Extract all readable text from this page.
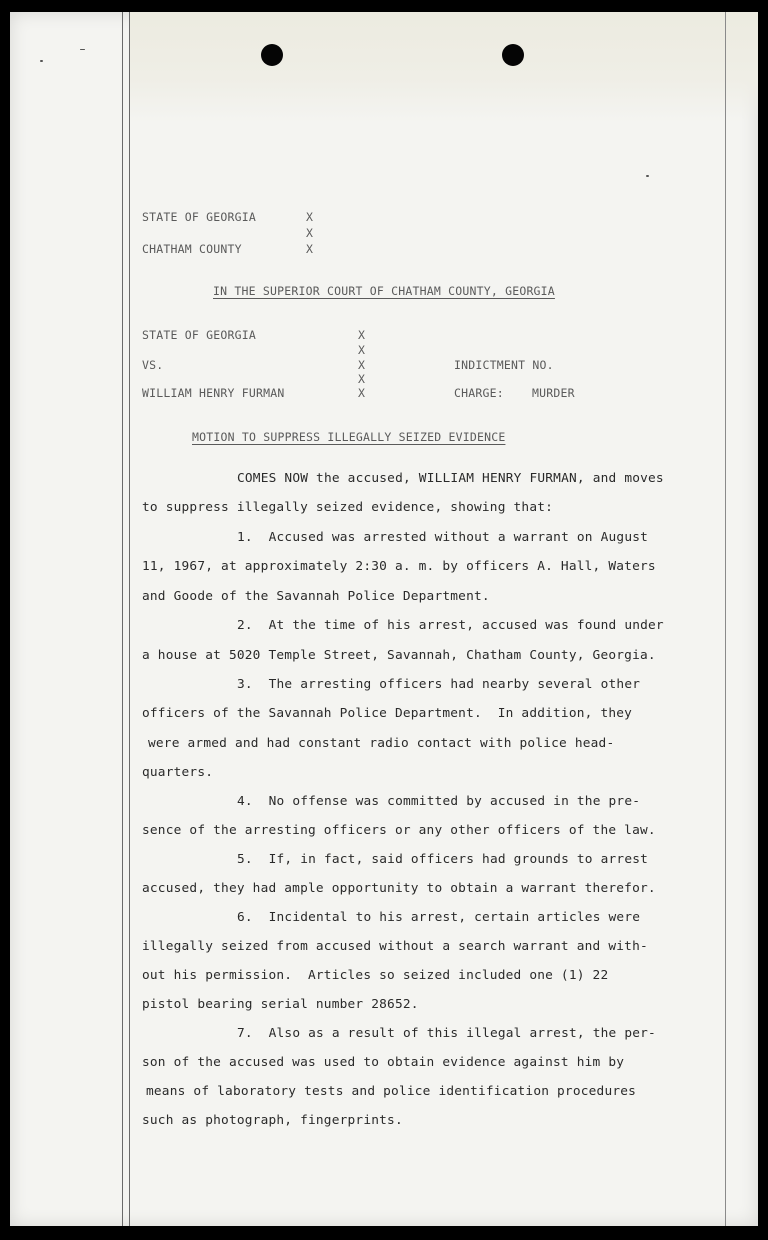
STATE OF GEORGIA
CHATHAM COUNTY
X
X
X
IN THE SUPERIOR COURT OF CHATHAM COUNTY, GEORGIA
STATE OF GEORGIA
VS.
WILLIAM HENRY FURMAN
X
X
X
X
X
INDICTMENT NO.
CHARGE: MURDER
MOTION TO SUPPRESS ILLEGALLY SEIZED EVIDENCE
COMES NOW the accused, WILLIAM HENRY FURMAN, and moves
to suppress illegally seized evidence, showing that:
1.  Accused was arrested without a warrant on August
11, 1967, at approximately 2:30 a. m. by officers A. Hall, Waters
and Goode of the Savannah Police Department.
2.  At the time of his arrest, accused was found under
a house at 5020 Temple Street, Savannah, Chatham County, Georgia.
3.  The arresting officers had nearby several other
officers of the Savannah Police Department.  In addition, they
were armed and had constant radio contact with police head-
quarters.
4.  No offense was committed by accused in the pre-
sence of the arresting officers or any other officers of the law.
5.  If, in fact, said officers had grounds to arrest
accused, they had ample opportunity to obtain a warrant therefor.
6.  Incidental to his arrest, certain articles were
illegally seized from accused without a search warrant and with-
out his permission.  Articles so seized included one (1) 22
pistol bearing serial number 28652.
7.  Also as a result of this illegal arrest, the per-
son of the accused was used to obtain evidence against him by
means of laboratory tests and police identification procedures
such as photograph, fingerprints.
